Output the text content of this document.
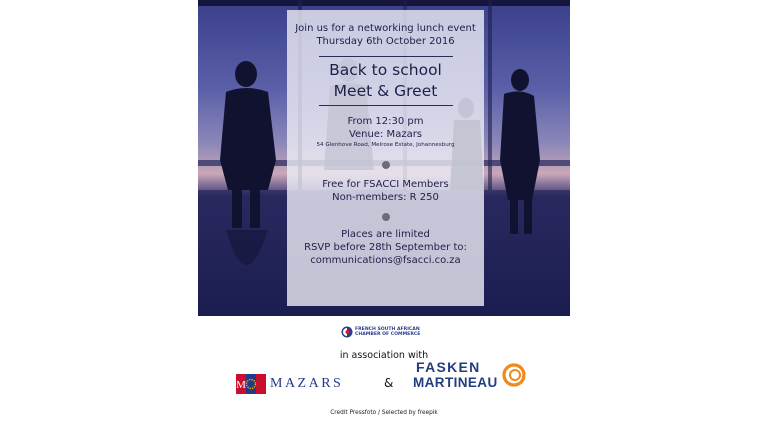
Join us for a networking lunch event
Thursday 6th October 2016
Back to school
Meet & Greet
From 12:30 pm
Venue: Mazars
54 Glenhove Road, Melrose Estate, Johannesburg
Free for FSACCI Members
Non-members: R 250
Places are limited
RSVP before 28th September to:
communications@fsacci.co.za
FRENCH SOUTH AFRICAN
CHAMBER OF COMMERCE
in association with
M MAZARS	&
FASKEN
MARTINEAU
Credit Pressfoto / Selected by freepik
